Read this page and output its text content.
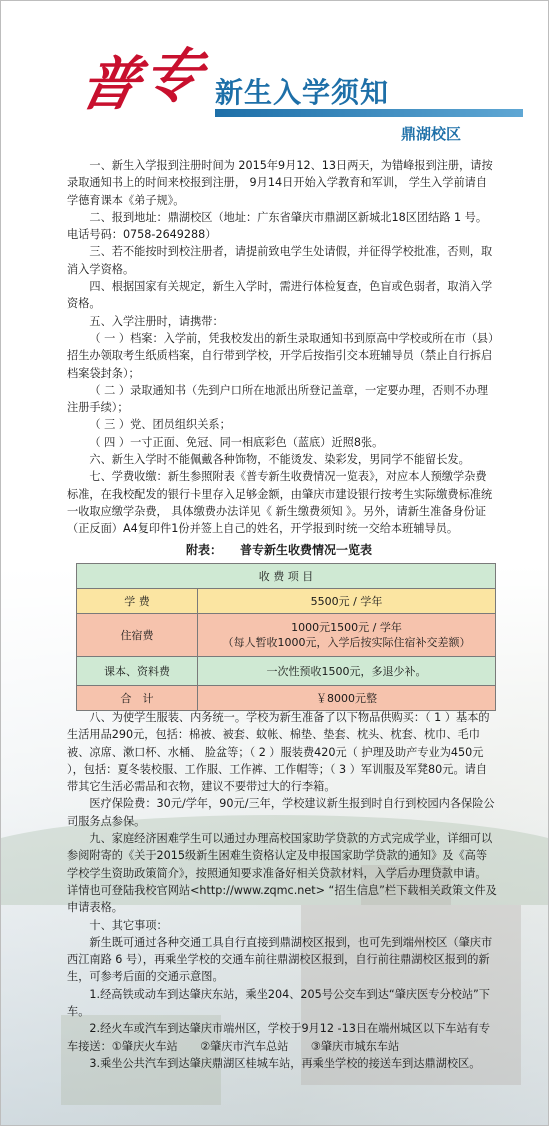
普
专 新生入学须知
鼎湖校区

一、新生入学报到注册时间为 2015年9月12、13日两天，为错峰报到注册，请按录取通知书上的时间来校报到注册， 9月14日开始入学教育和军训， 学生入学前请自学德育课本《弟子规》。

二、报到地址：鼎湖校区（地址：广东省肇庆市鼎湖区新城北18区团结路 1 号。

电话号码：0758-2649288）

三、若不能按时到校注册者，请提前致电学生处请假，并征得学校批准，否则，取消入学资格。

四、根据国家有关规定，新生入学时，需进行体检复查，色盲或色弱者，取消入学资格。

五、入学注册时，请携带：

（ 一 ）档案：入学前，凭我校发出的新生录取通知书到原高中学校或所在市（县）招生办领取考生纸质档案，自行带到学校，开学后按指引交本班辅导员（禁止自行拆启档案袋封条）；

（ 二 ）录取通知书（先到户口所在地派出所登记盖章，一定要办理，否则不办理注册手续）；

（ 三 ）党、团员组织关系；

（ 四 ）一寸正面、免冠、同一相底彩色（蓝底）近照8张。

六、新生入学时不能佩戴各种饰物，不能烫发、染彩发，男同学不能留长发。

七、学费收缴：新生参照附表《普专新生收费情况一览表》，对应本人预缴学杂费标准，在我校配发的银行卡里存入足够金额，由肇庆市建设银行按考生实际缴费标准统一收取应缴学杂费， 具体缴费办法详见《 新生缴费须知 》。另外，请新生准备身份证（正反面）A4复印件1份并签上自己的姓名，开学报到时统一交给本班辅导员。

附表：　　普专新生收费情况一览表
收 费 项 目	
学 费	5500元 / 学年
住宿费	1000元1500元 / 学年
（每人暂收1000元，入学后按实际住宿补交差额）

课本、资料费	一次性预收1500元，多退少补。
合　计	￥8000元整

八、为使学生服装、内务统一。学校为新生准备了以下物品供购买：（ 1 ）基本的生活用品290元，包括：棉被、被套、蚊帐、棉垫、垫套、枕头、枕套、枕巾、毛巾被、凉席、漱口杯、水桶、 脸盆等；（ 2 ）服装费420元（ 护理及助产专业为450元 ），包括：夏冬装校服、工作服、工作裤、工作帽等；（ 3 ）军训服及军凳80元。请自带其它生活必需品和衣物，建议不要带过大的行李箱。

医疗保险费：30元/学年，90元/三年，学校建议新生报到时自行到校园内各保险公司服务点参保。

九、家庭经济困难学生可以通过办理高校国家助学贷款的方式完成学业，详细可以参阅附寄的《关于2015级新生困难生资格认定及申报国家助学贷款的通知》及《高等学校学生资助政策简介》，按照通知要求准备好相关贷款材料，入学后办理贷款申请。详情也可登陆我校官网站<http://www.zqmc.net> “招生信息”栏下载相关政策文件及申请表格。

十、其它事项：

新生既可通过各种交通工具自行直接到鼎湖校区报到，也可先到端州校区（肇庆市西江南路 6 号），再乘坐学校的交通车前往鼎湖校区报到，自行前往鼎湖校区报到的新生，可参考后面的交通示意图。

1.经高铁或动车到达肇庆东站，乘坐204、205号公交车到达“肇庆医专分校站”下车。

2.经火车或汽车到达肇庆市端州区，学校于9月12 -13日在端州城区以下车站有专车接送：①肇庆火车站　　②肇庆市汽车总站　　③肇庆市城东车站

3.乘坐公共汽车到达肇庆鼎湖区桂城车站，再乘坐学校的接送车到达鼎湖校区。
